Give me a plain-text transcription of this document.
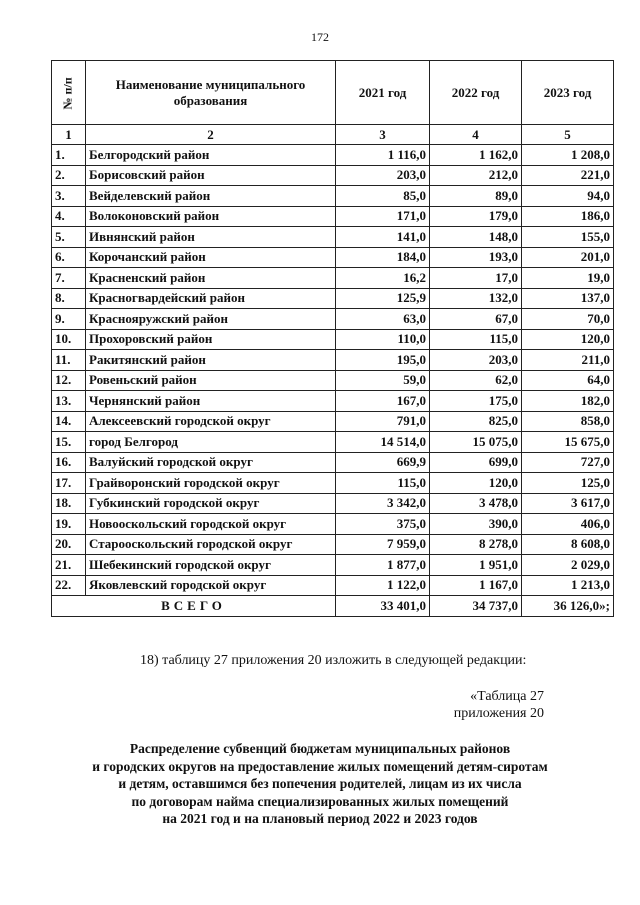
172
№ п/п	Наименование муниципального образования	2021 год	2022 год	2023 год
1	2	3	4	5
1.	Белгородский район	1 116,0	1 162,0	1 208,0
2.	Борисовский район	203,0	212,0	221,0
3.	Вейделевский район	85,0	89,0	94,0
4.	Волоконовский район	171,0	179,0	186,0
5.	Ивнянский район	141,0	148,0	155,0
6.	Корочанский район	184,0	193,0	201,0
7.	Красненский район	16,2	17,0	19,0
8.	Красногвардейский район	125,9	132,0	137,0
9.	Краснояружский район	63,0	67,0	70,0
10.	Прохоровский район	110,0	115,0	120,0
11.	Ракитянский район	195,0	203,0	211,0
12.	Ровеньский район	59,0	62,0	64,0
13.	Чернянский район	167,0	175,0	182,0
14.	Алексеевский городской округ	791,0	825,0	858,0
15.	город Белгород	14 514,0	15 075,0	15 675,0
16.	Валуйский городской округ	669,9	699,0	727,0
17.	Грайворонский городской округ	115,0	120,0	125,0
18.	Губкинский городской округ	3 342,0	3 478,0	3 617,0
19.	Новооскольский городской округ	375,0	390,0	406,0
20.	Старооскольский городской округ	7 959,0	8 278,0	8 608,0
21.	Шебекинский городской округ	1 877,0	1 951,0	2 029,0
22.	Яковлевский городской округ	1 122,0	1 167,0	1 213,0
ВСЕГО		33 401,0	34 737,0	36 126,0»;
18) таблицу 27 приложения 20 изложить в следующей редакции:
«Таблица 27
приложения 20
Распределение субвенций бюджетам муниципальных районов
и городских округов на предоставление жилых помещений детям-сиротам
и детям, оставшимся без попечения родителей, лицам из их числа
по договорам найма специализированных жилых помещений
на 2021 год и на плановый период 2022 и 2023 годов
